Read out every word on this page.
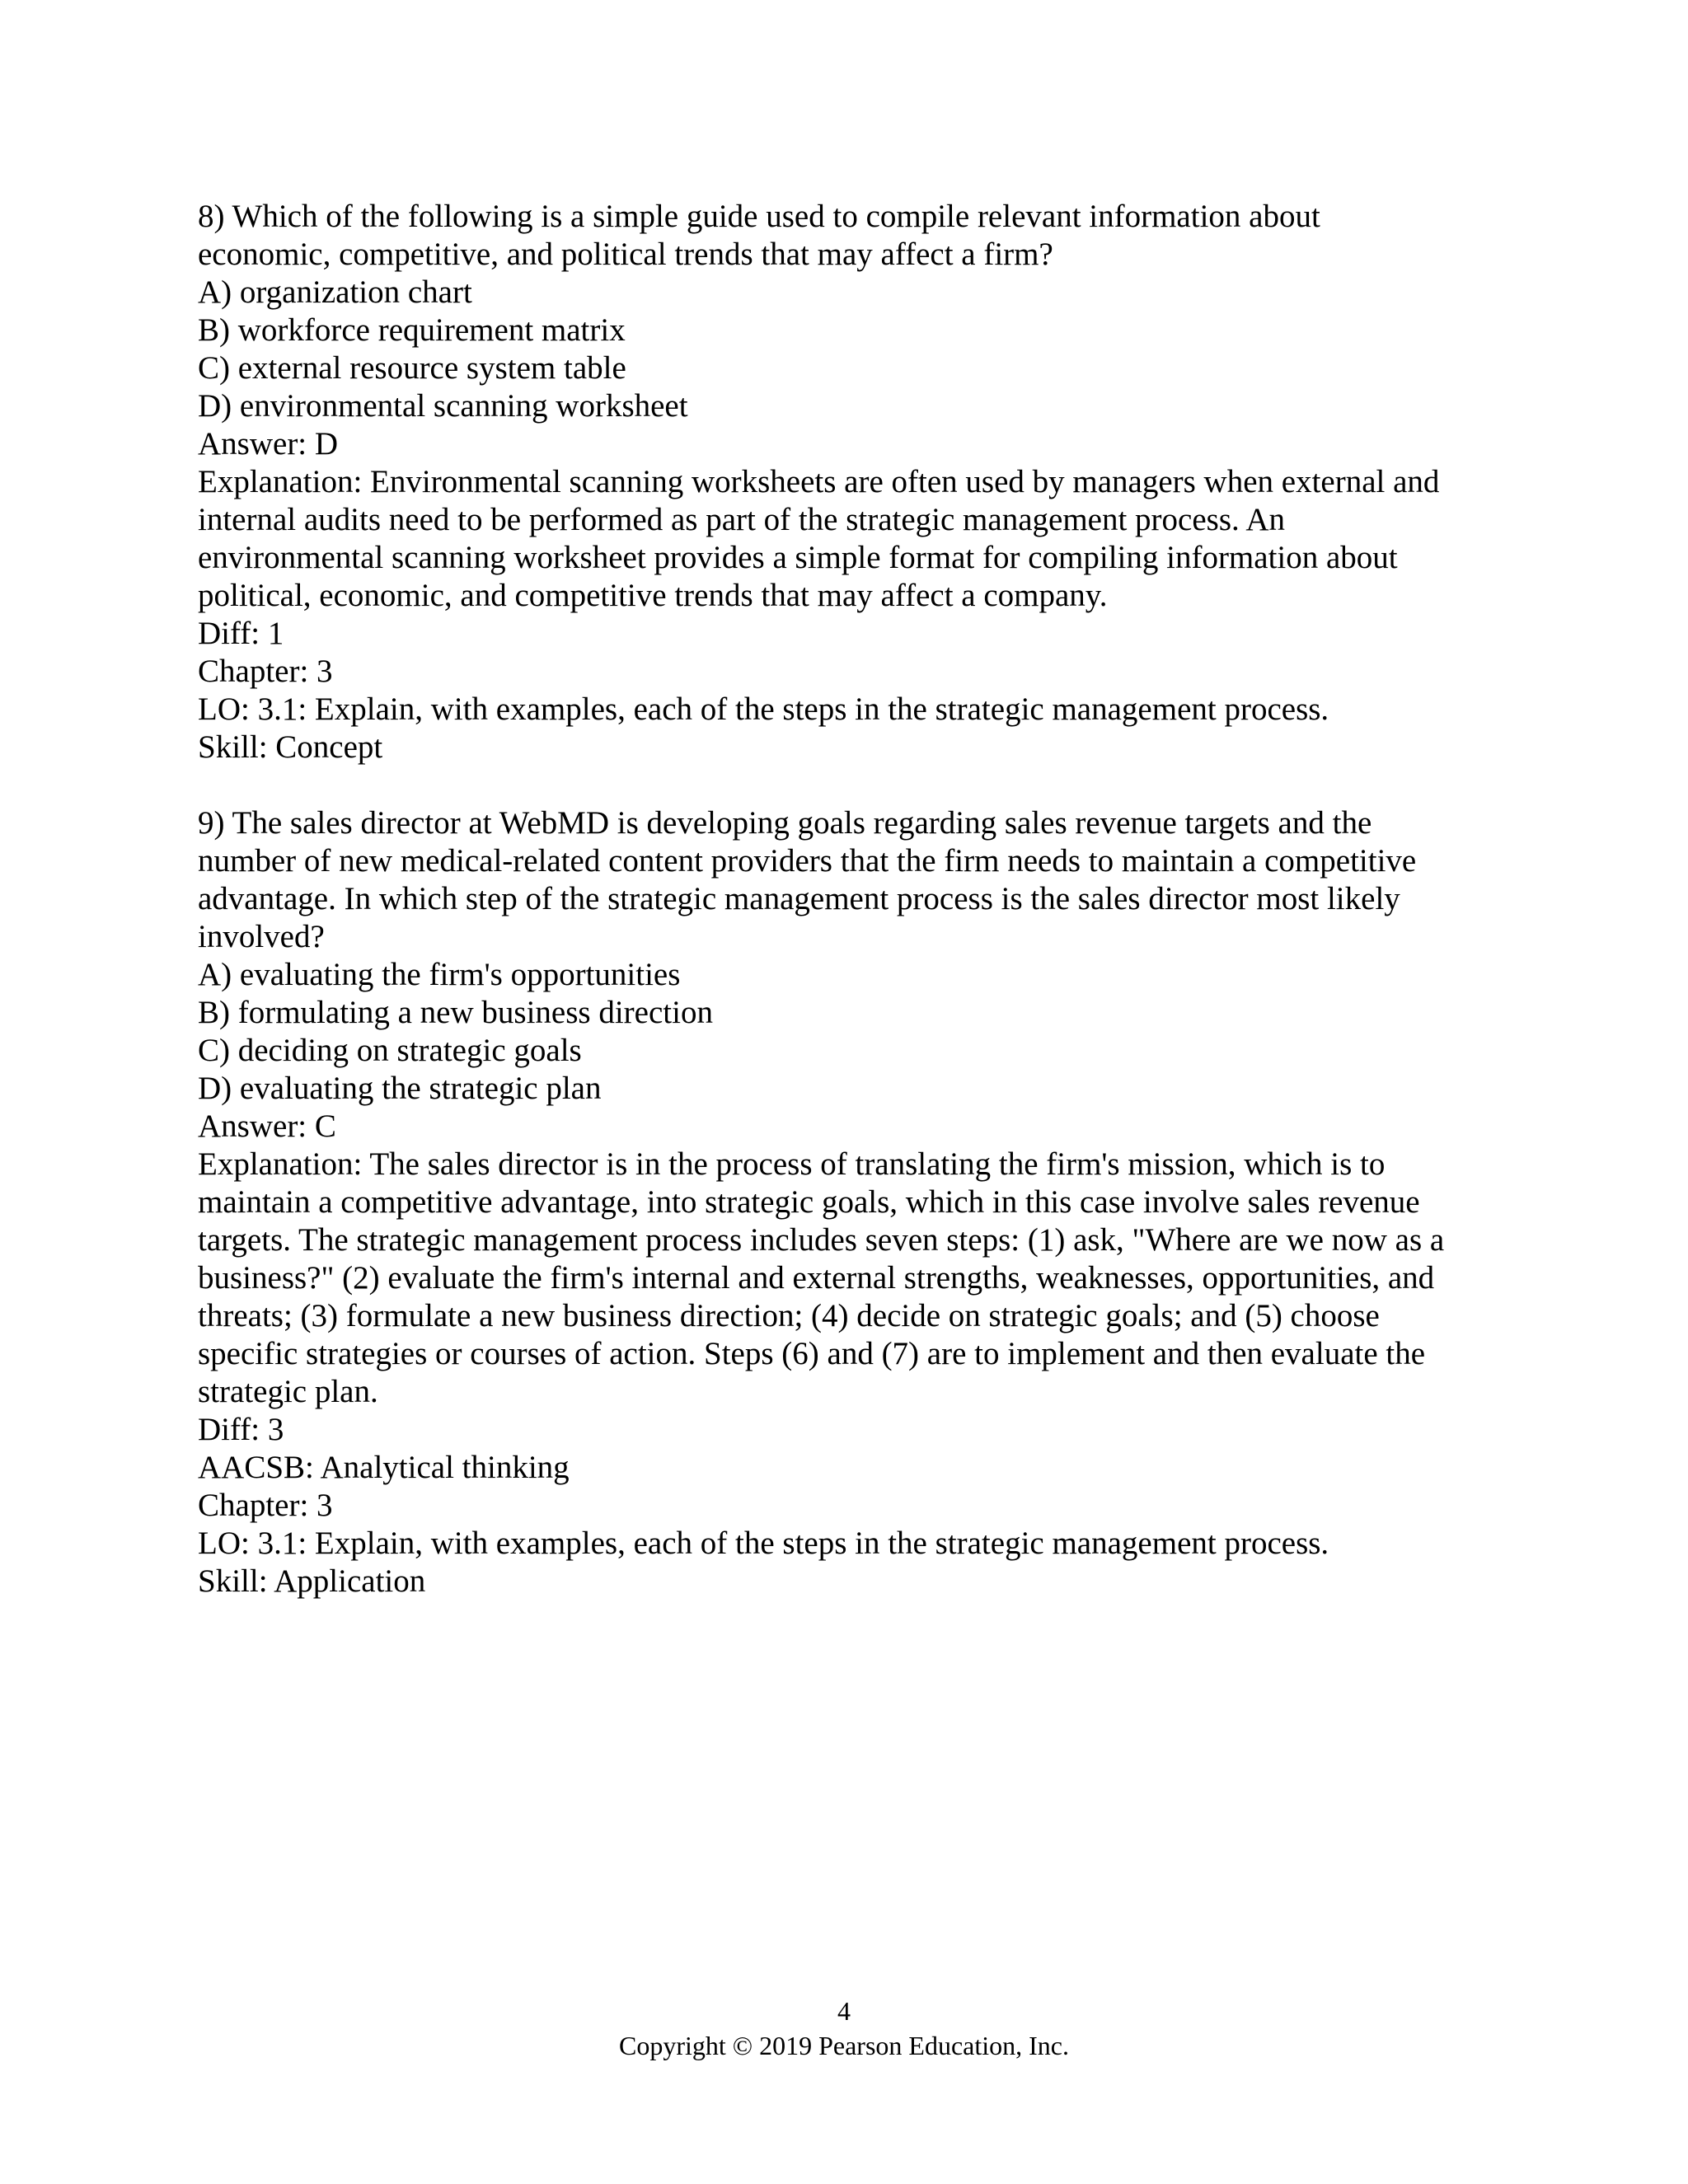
8) Which of the following is a simple guide used to compile relevant information about

economic, competitive, and political trends that may affect a firm?

A) organization chart

B) workforce requirement matrix

C) external resource system table

D) environmental scanning worksheet

Answer: D

Explanation: Environmental scanning worksheets are often used by managers when external and

internal audits need to be performed as part of the strategic management process. An

environmental scanning worksheet provides a simple format for compiling information about

political, economic, and competitive trends that may affect a company.

Diff: 1

Chapter: 3

LO: 3.1: Explain, with examples, each of the steps in the strategic management process.

Skill: Concept

9) The sales director at WebMD is developing goals regarding sales revenue targets and the

number of new medical-related content providers that the firm needs to maintain a competitive

advantage. In which step of the strategic management process is the sales director most likely

involved?

A) evaluating the firm's opportunities

B) formulating a new business direction

C) deciding on strategic goals

D) evaluating the strategic plan

Answer: C

Explanation: The sales director is in the process of translating the firm's mission, which is to

maintain a competitive advantage, into strategic goals, which in this case involve sales revenue

targets. The strategic management process includes seven steps: (1) ask, "Where are we now as a

business?" (2) evaluate the firm's internal and external strengths, weaknesses, opportunities, and

threats; (3) formulate a new business direction; (4) decide on strategic goals; and (5) choose

specific strategies or courses of action. Steps (6) and (7) are to implement and then evaluate the

strategic plan.

Diff: 3

AACSB: Analytical thinking

Chapter: 3

LO: 3.1: Explain, with examples, each of the steps in the strategic management process.

Skill: Application

4
Copyright © 2019 Pearson Education, Inc.
